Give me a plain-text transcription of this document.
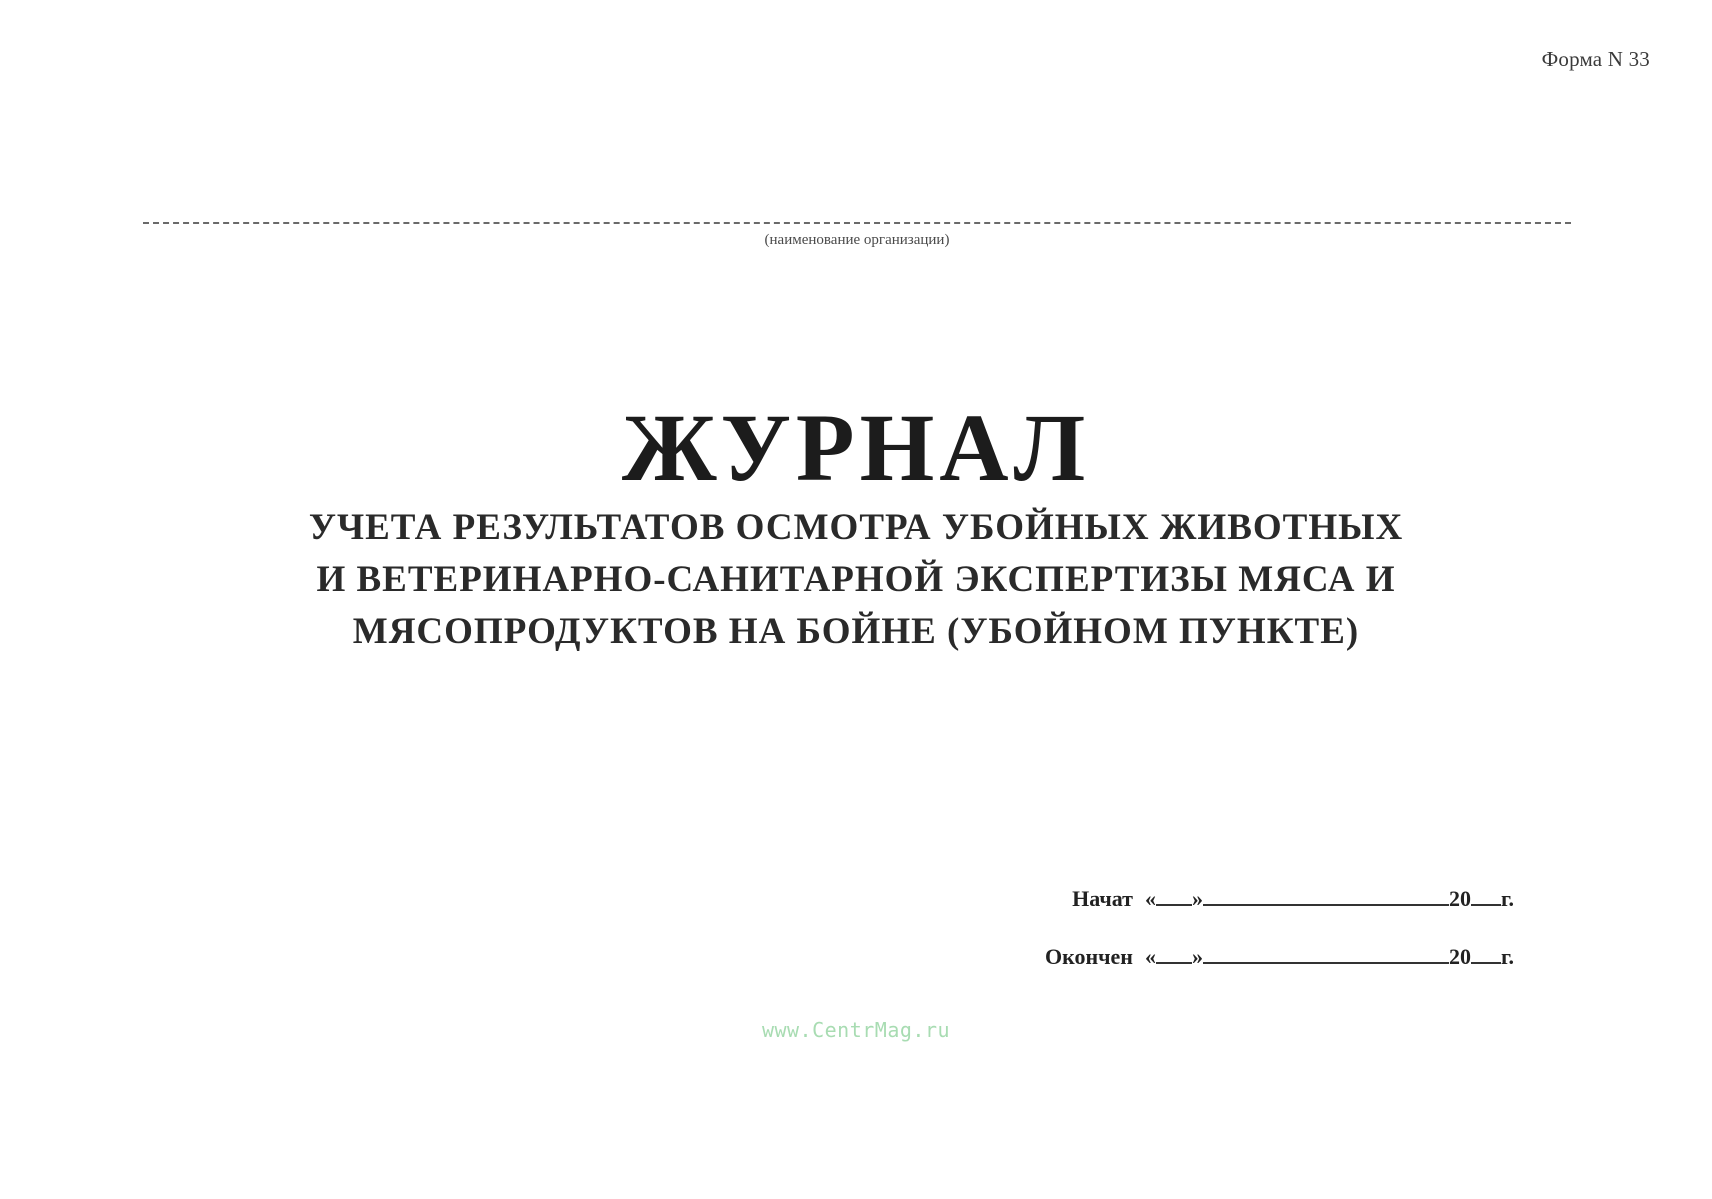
Форма N 33
(наименование организации)
ЖУРНАЛ
УЧЕТА РЕЗУЛЬТАТОВ ОСМОТРА УБОЙНЫХ ЖИВОТНЫХ
И ВЕТЕРИНАРНО-САНИТАРНОЙ ЭКСПЕРТИЗЫ МЯСА И
МЯСОПРОДУКТОВ НА БОЙНЕ (УБОЙНОМ ПУНКТЕ)
Начат « »	20 г.
Окончен « »	20 г.
www.CentrMag.ru
